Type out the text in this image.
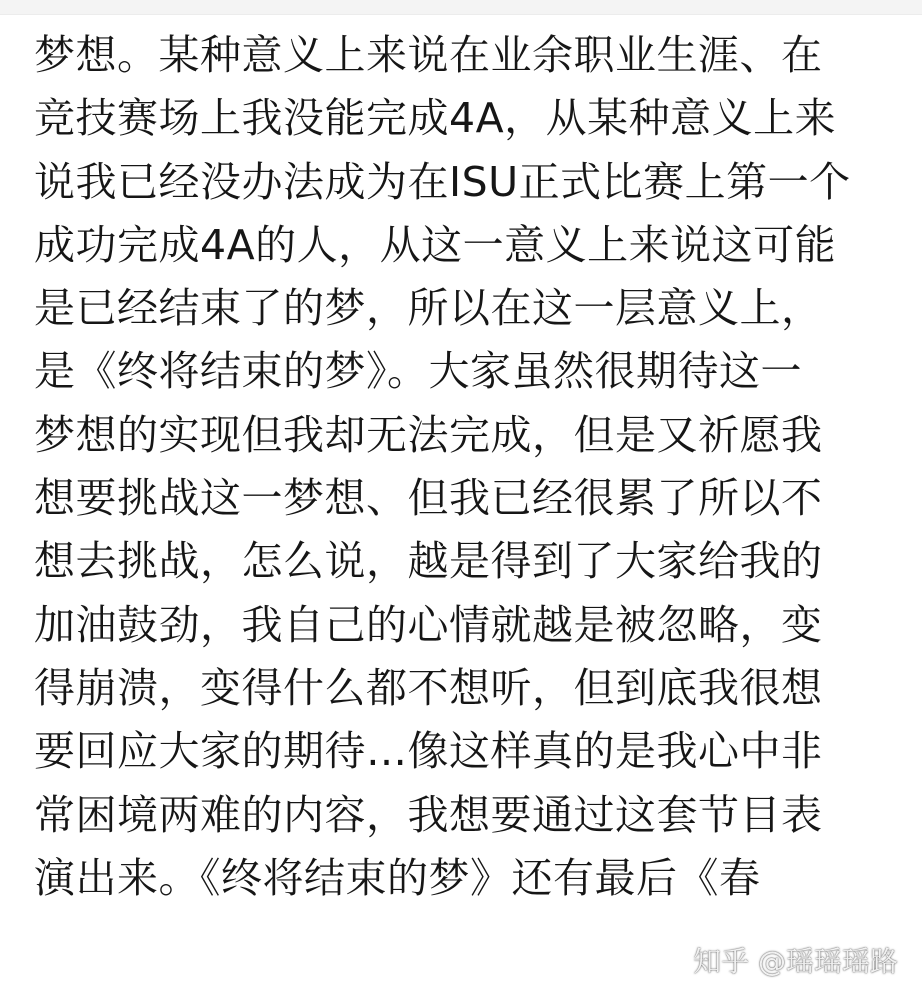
梦想。某种意义上来说在业余职业生涯、在
竞技赛场上我没能完成4A，从某种意义上来
说我已经没办法成为在ISU正式比赛上第一个
成功完成4A的人，从这一意义上来说这可能
是已经结束了的梦，所以在这一层意义上，
是《终将结束的梦》。大家虽然很期待这一
梦想的实现但我却无法完成，但是又祈愿我
想要挑战这一梦想、但我已经很累了所以不
想去挑战，怎么说，越是得到了大家给我的
加油鼓劲，我自己的心情就越是被忽略，变
得崩溃，变得什么都不想听，但到底我很想
要回应大家的期待…像这样真的是我心中非
常困境两难的内容，我想要通过这套节目表
演出来。《终将结束的梦》还有最后《春
知乎 @瑶瑶瑶路
